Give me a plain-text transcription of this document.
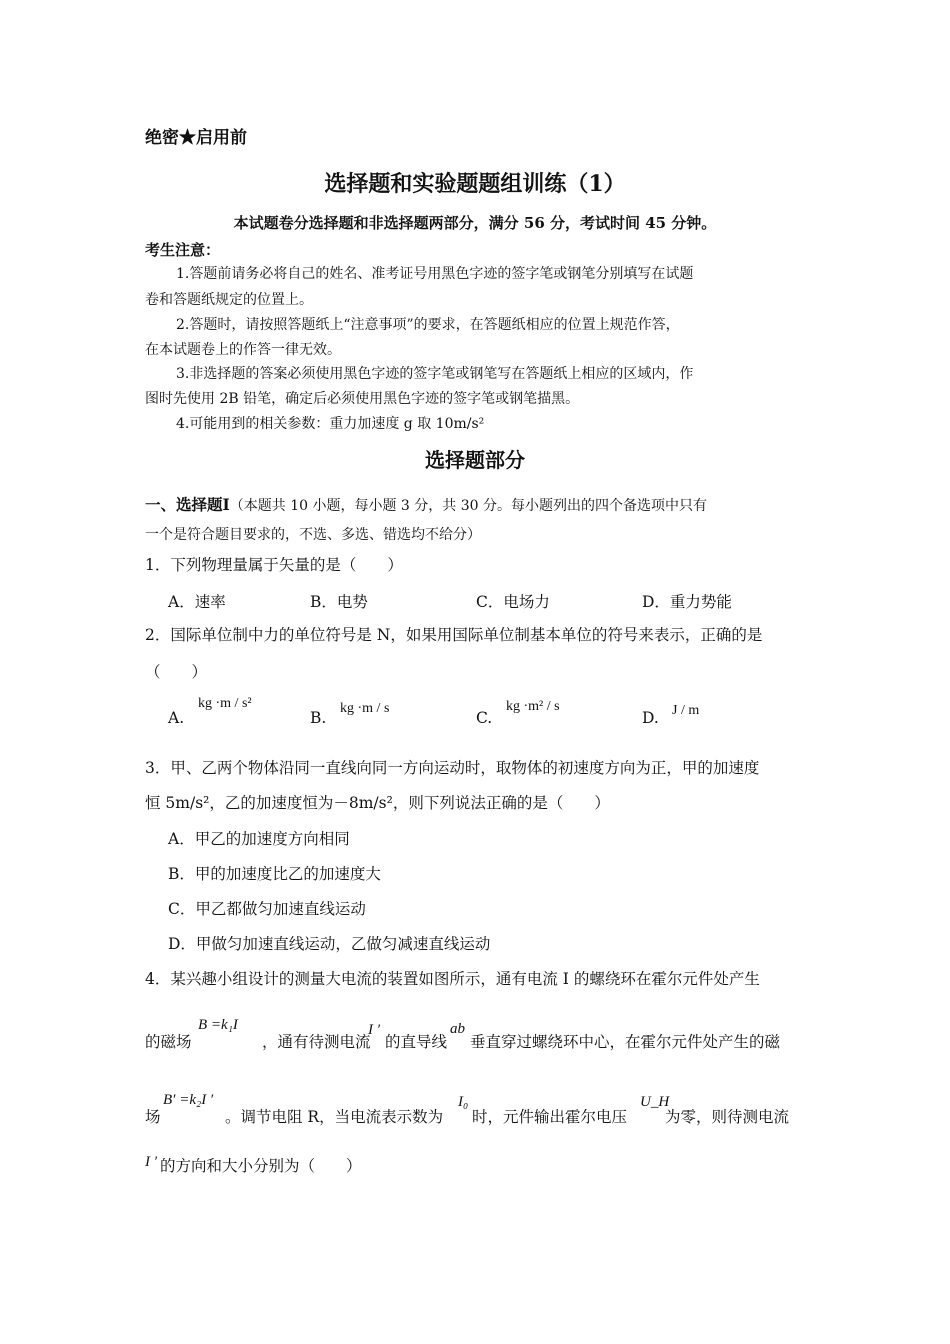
绝密★启用前
选择题和实验题题组训练（1）
本试题卷分选择题和非选择题两部分，满分 56 分，考试时间 45 分钟。
考生注意：
1.答题前请务必将自己的姓名、准考证号用黑色字迹的签字笔或钢笔分别填写在试题
卷和答题纸规定的位置上。
2.答题时，请按照答题纸上“注意事项”的要求，在答题纸相应的位置上规范作答，
在本试题卷上的作答一律无效。
3.非选择题的答案必须使用黑色字迹的签字笔或钢笔写在答题纸上相应的区域内，作
图时先使用 2B 铅笔，确定后必须使用黑色字迹的签字笔或钢笔描黑。
4.可能用到的相关参数：重力加速度 g 取 10m/s²
选择题部分
一、选择题Ⅰ（本题共 10 小题，每小题 3 分，共 30 分。每小题列出的四个备选项中只有
一个是符合题目要求的，不选、多选、错选均不给分）
1．下列物理量属于矢量的是（　　）
A．速率	B．电势	C．电场力	D．重力势能
2．国际单位制中力的单位符号是 N，如果用国际单位制基本单位的符号来表示，正确的是
（　　）
A.
kg ·m / s²
B.
kg ·m / s
C.
kg ·m² / s
D. J / m
3．甲、乙两个物体沿同一直线向同一方向运动时，取物体的初速度方向为正，甲的加速度
恒 5m/s²，乙的加速度恒为－8m/s²，则下列说法正确的是（　　）
A．甲乙的加速度方向相同
B．甲的加速度比乙的加速度大
C．甲乙都做匀加速直线运动
D．甲做匀加速直线运动，乙做匀减速直线运动
4．某兴趣小组设计的测量大电流的装置如图所示，通有电流 I 的螺绕环在霍尔元件处产生
的磁场
B =k₁I
，通有待测电流
I ′
的直导线
ab
垂直穿过螺绕环中心，在霍尔元件处产生的磁
场
B′ =k₂I ′
。调节电阻 R，当电流表示数为
I₀
时，元件输出霍尔电压
U_H
为零，则待测电流
I ′ 的方向和大小分别为（　　）
